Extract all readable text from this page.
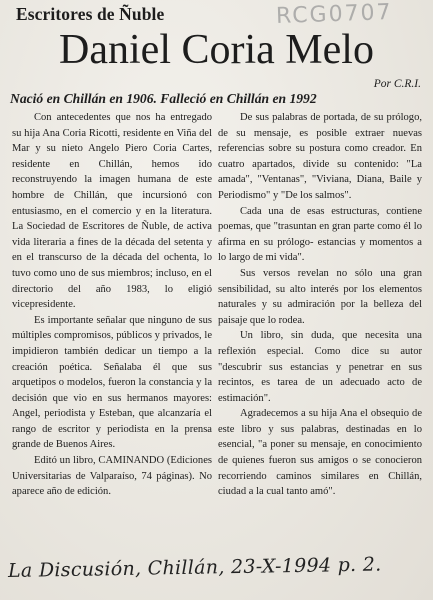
Escritores de Ñuble	RCG0707
Daniel Coria Melo
Por C.R.I.
Nació en Chillán en 1906. Falleció en Chillán en 1992

Con antecedentes que nos ha entregado su hija Ana Coria Ricotti, residente en Viña del Mar y su nieto Angelo Piero Coria Cartes, residente en Chillán, hemos ido reconstruyendo la imagen humana de este hombre de Chillán, que incursionó con entusiasmo, en el comercio y en la literatura. La Sociedad de Escritores de Ñuble, de activa vida literaria a fines de la década del setenta y en el transcurso de la década del ochenta, lo tuvo como uno de sus miembros; incluso, en el directorio del año 1983, lo eligió vicepresidente.

Es importante señalar que ninguno de sus múltiples compromisos, públicos y privados, le impidieron también dedicar un tiempo a la creación poética. Señalaba él que sus arquetipos o modelos, fueron la constancia y la decisión que vio en sus hermanos mayores: Angel, periodista y Esteban, que alcanzaría el rango de escritor y periodista en la prensa grande de Buenos Aires.

Editó un libro, CAMINANDO (Ediciones Universitarias de Valparaíso, 74 páginas). No aparece año de edición.

De sus palabras de portada, de su prólogo, de su mensaje, es posible extraer nuevas referencias sobre su postura como creador. En cuatro apartados, divide su contenido: "La amada", "Ventanas", "Viviana, Diana, Baile y Periodismo" y "De los salmos".

Cada una de esas estructuras, contiene poemas, que "trasuntan en gran parte como él lo afirma en su prólogo- estancias y momentos a lo largo de mi vida".

Sus versos revelan no sólo una gran sensibilidad, su alto interés por los elementos naturales y su admiración por la belleza del paisaje que lo rodea.

Un libro, sin duda, que necesita una reflexión especial. Como dice su autor "descubrir sus estancias y penetrar en sus recintos, es tarea de un adecuado acto de estimación".

Agradecemos a su hija Ana el obsequio de este libro y sus palabras, destinadas en lo esencial, "a poner su mensaje, en conocimiento de quienes fueron sus amigos o se conocieron recorriendo caminos similares en Chillán, ciudad a la cual tanto amó".

La Discusión, Chillán, 23-X-1994 p. 2.
